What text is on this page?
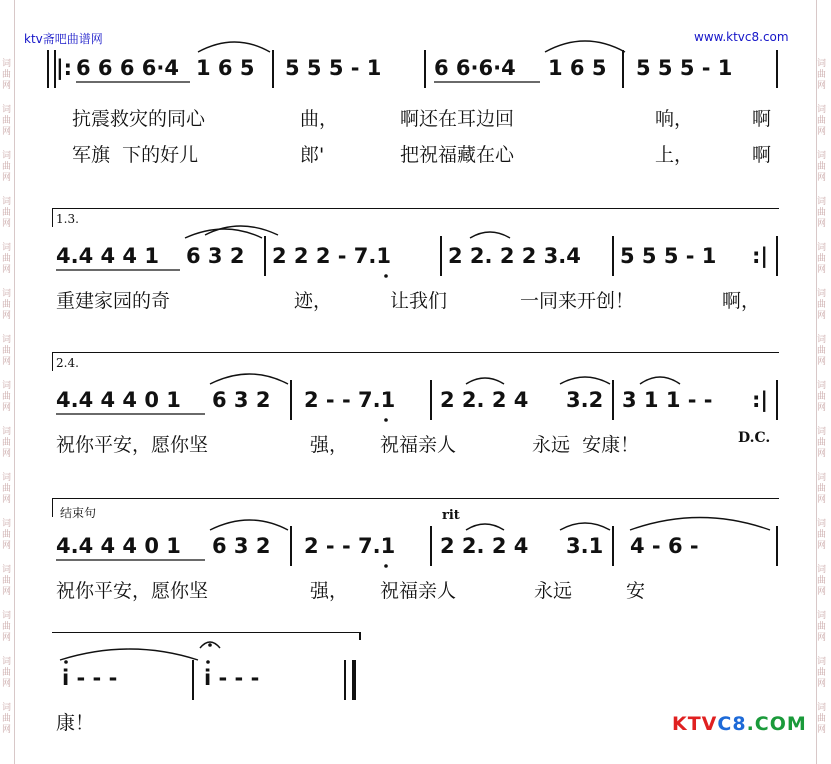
词
曲
网
词
曲
网
词
曲
网
词
曲
网
词
曲
网
词
曲
网
词
曲
网
词
曲
网
词
曲
网
词
曲
网
词
曲
网
词
曲
网
词
曲
网
词
曲
网
词
曲
网
词
曲
网
词
曲
网
词
曲
网
词
曲
网
词
曲
网
词
曲
网
词
曲
网
词
曲
网
词
曲
网
词
曲
网
词
曲
网
词
曲
网
词
曲
网
词
曲
网
词
曲
网
ktv斋吧曲谱网	www.ktvc8.com
|: 6 6 6 6·4 1 6 5 5 5 5 - 1	6 6·6·4 1 6 5 5 5 5 - 1
抗震救灾的同心	曲，	啊还在耳边回	响，	啊
军旗  下的好儿	郎'	把祝福藏在心	上，	啊
1.3.
4.4 4 4 1 6 3 2 2 2 2 - 7.1	2 2. 2 2 3.4 5 5 5 - 1 :|
重建家园的奇	迹，	让我们	一同来开创！	啊，
2.4.
4.4 4 4 0 1 6 3 2 2 - - 7.1 2 2. 2 4 3.2 3 1 1 - - :|
祝你平安，愿你坚	强， 祝福亲人	永远  安康！	D.C.
结束句	rit
4.4 4 4 0 1 6 3 2 2 - - 7.1 2 2. 2 4 3.1 4 - 6 -
祝你平安，愿你坚	强， 祝福亲人	永远	安
i - - -	i - - -
康！	KTVC8.COM
